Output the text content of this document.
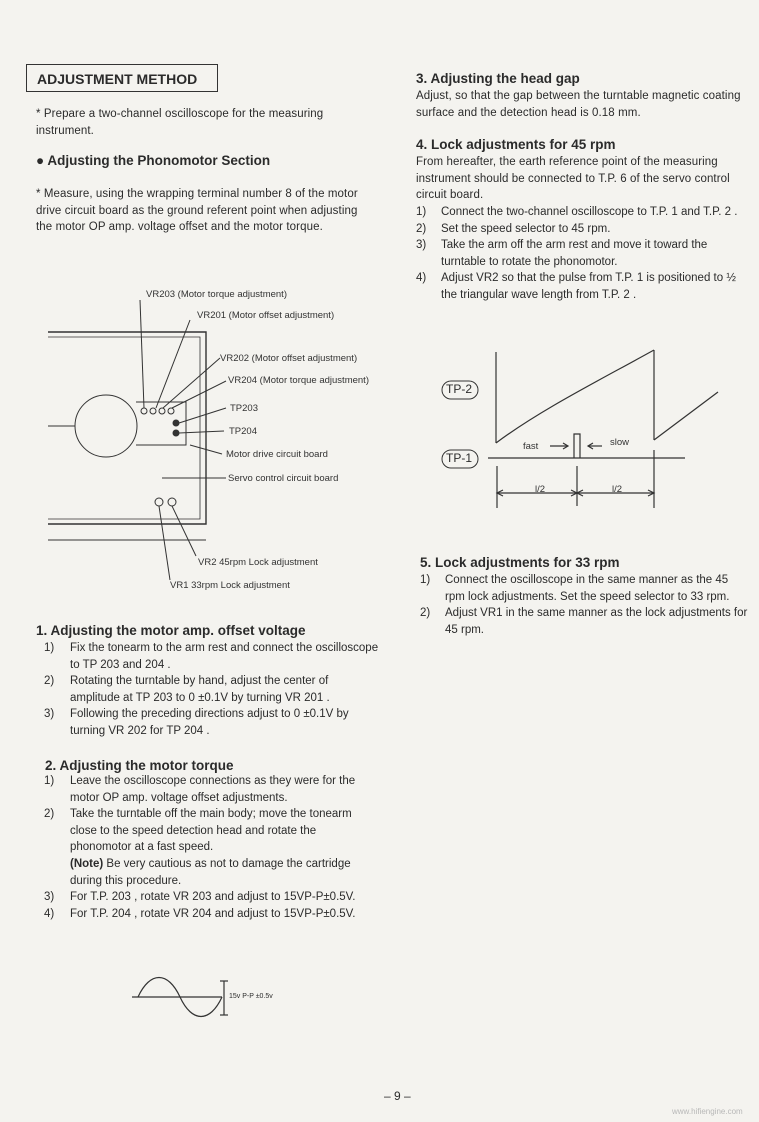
ADJUSTMENT METHOD
* Prepare a two-channel oscilloscope for the measuring instrument.
● Adjusting the Phonomotor Section
* Measure, using the wrapping terminal number 8 of the motor drive circuit board as the ground referent point when adjusting the motor OP amp. voltage offset and the motor torque.
VR203 (Motor torque adjustment)
VR201 (Motor offset adjustment)
VR202 (Motor offset adjustment)
VR204 (Motor torque adjustment)
TP203
TP204
Motor drive circuit board
Servo control circuit board
VR2 45rpm Lock adjustment
VR1 33rpm Lock adjustment
1. Adjusting the motor amp. offset voltage
1) Fix the tonearm to the arm rest and connect the oscilloscope to TP 203 and 204 .
2) Rotating the turntable by hand, adjust the center of amplitude at TP 203 to 0 ±0.1V by turning VR 201 .
3) Following the preceding directions adjust to 0 ±0.1V by turning VR 202 for TP 204 .
2. Adjusting the motor torque
1) Leave the oscilloscope connections as they were for the motor OP amp. voltage offset adjustments.
2) Take the turntable off the main body; move the tonearm close to the speed detection head and rotate the phonomotor at a fast speed.
(Note) Be very cautious as not to damage the cartridge during this procedure.
3) For T.P. 203 , rotate VR 203 and adjust to 15VP-P±0.5V.
4) For T.P. 204 , rotate VR 204 and adjust to 15VP-P±0.5V.
15v P-P ±0.5v
3. Adjusting the head gap
Adjust, so that the gap between the turntable magnetic coating surface and the detection head is 0.18 mm.
4. Lock adjustments for 45 rpm
From hereafter, the earth reference point of the measuring instrument should be connected to T.P. 6 of the servo control circuit board.
1) Connect the two-channel oscilloscope to T.P. 1 and T.P. 2 .
2) Set the speed selector to 45 rpm.
3) Take the arm off the arm rest and move it toward the turntable to rotate the phonomotor.
4) Adjust VR2 so that the pulse from T.P. 1 is positioned to ½ the triangular wave length from T.P. 2 .
TP-2
TP-1
fast	slow
l/2	l/2
5. Lock adjustments for 33 rpm
1) Connect the oscilloscope in the same manner as the 45 rpm lock adjustments. Set the speed selector to 33 rpm.
2) Adjust VR1 in the same manner as the lock adjustments for 45 rpm.
– 9 –
www.hifiengine.com
